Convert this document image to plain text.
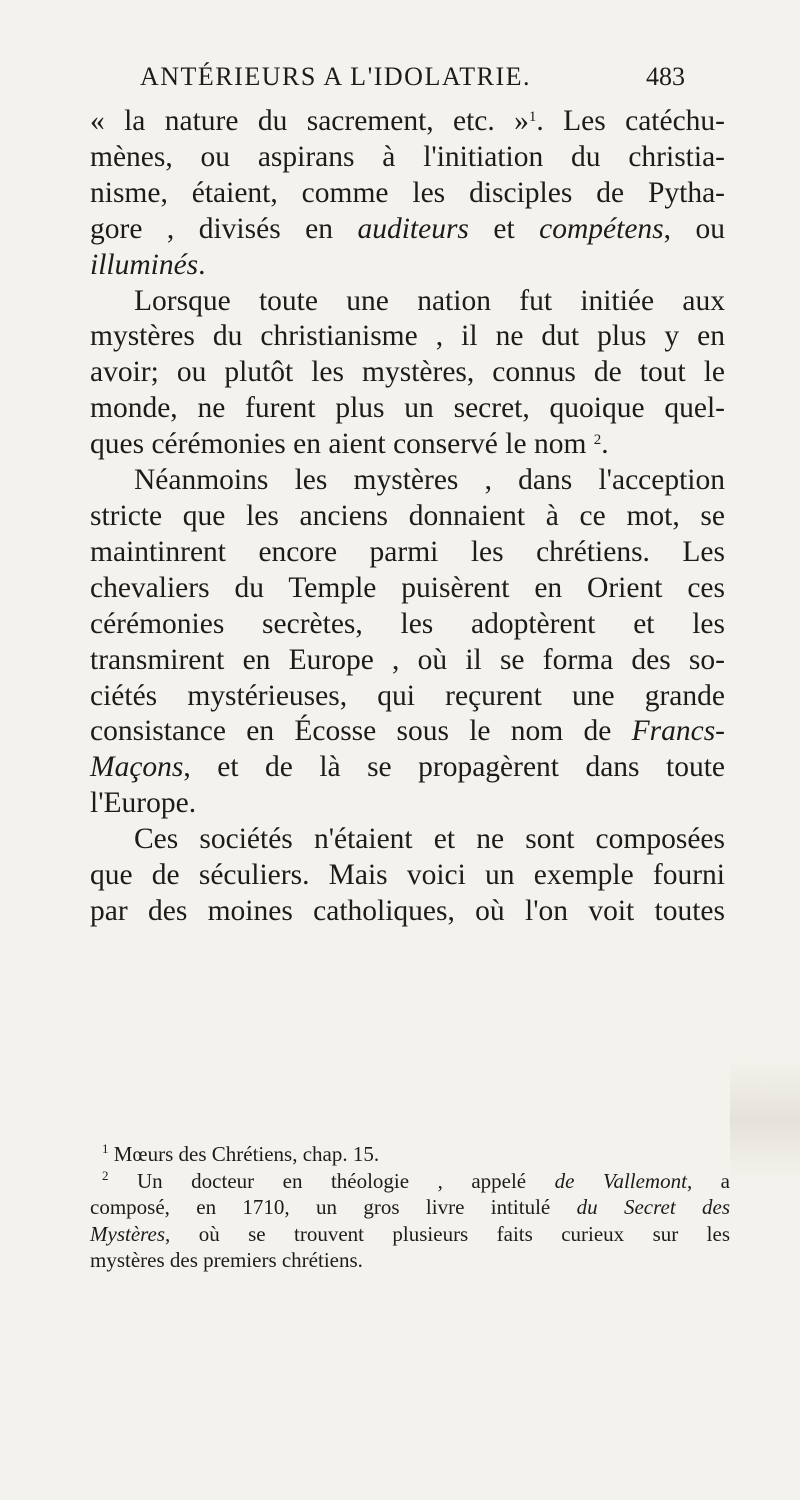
ANTÉRIEURS A L'IDOLATRIE.	483

« la nature du sacrement, etc. »$^1$. Les catéchu-
mènes, ou aspirans à l'initiation du christia-
nisme, étaient, comme les disciples de Pytha-
gore , divisés en auditeurs et compétens, ou
illuminés.

Lorsque toute une nation fut initiée aux
mystères du christianisme , il ne dut plus y en
avoir; ou plutôt les mystères, connus de tout le
monde, ne furent plus un secret, quoique quel-
ques cérémonies en aient conservé le nom $^2$.

Néanmoins les mystères , dans l'acception
stricte que les anciens donnaient à ce mot, se
maintinrent encore parmi les chrétiens. Les
chevaliers du Temple puisèrent en Orient ces
cérémonies secrètes, les adoptèrent et les
transmirent en Europe , où il se forma des so-
ciétés mystérieuses, qui reçurent une grande
consistance en Écosse sous le nom de Francs-
Maçons, et de là se propagèrent dans toute
l'Europe.

Ces sociétés n'étaient et ne sont composées
que de séculiers. Mais voici un exemple fourni
par des moines catholiques, où l'on voit toutes

$^1$ Mœurs des Chrétiens, chap. 15.
$^2$ Un docteur en théologie , appelé de Vallemont, a
composé, en 1710, un gros livre intitulé du Secret des
Mystères, où se trouvent plusieurs faits curieux sur les
mystères des premiers chrétiens.
